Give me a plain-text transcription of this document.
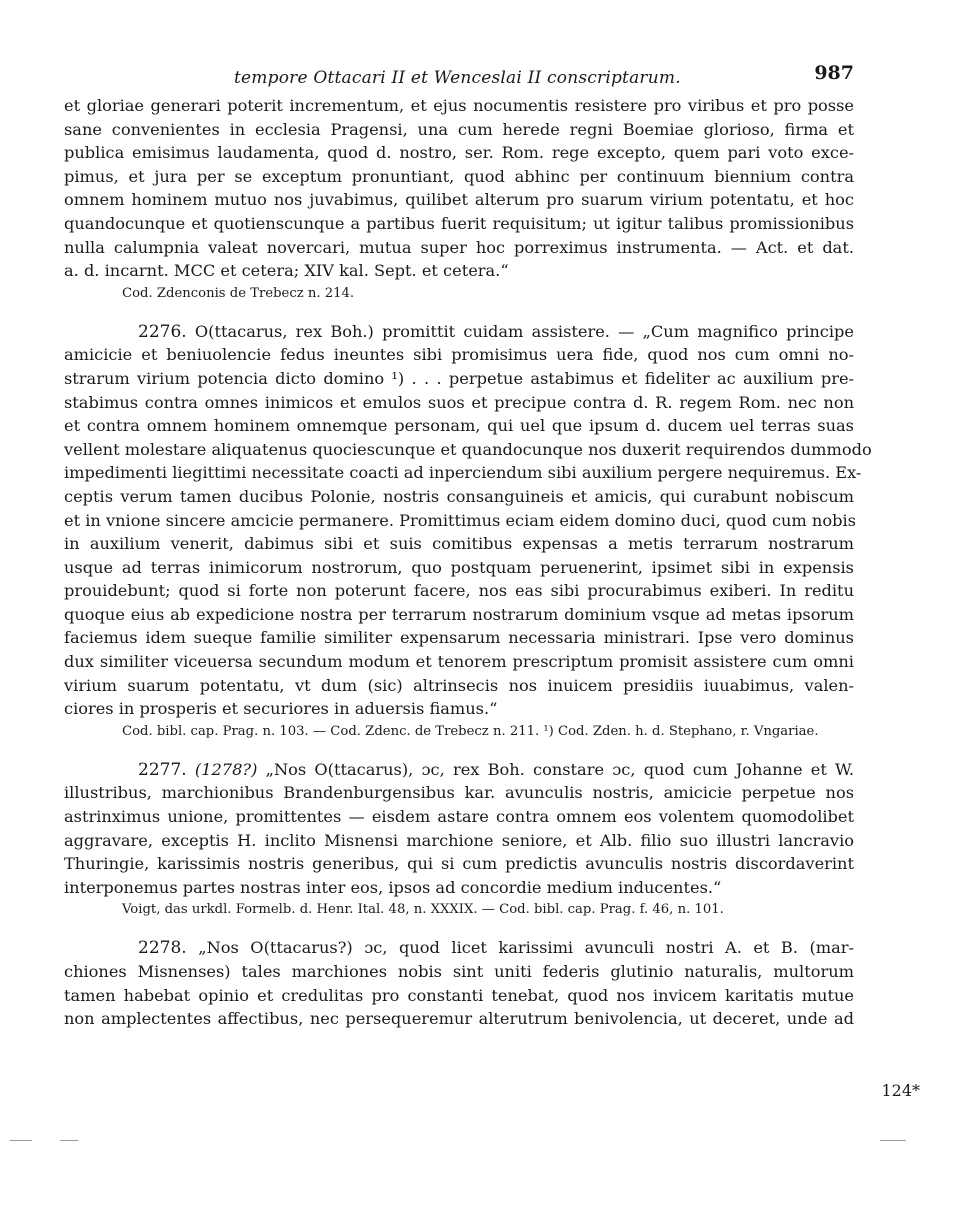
tempore Ottacari II et Wenceslai II conscriptarum.	987
et gloriae generari poterit incrementum, et ejus nocumentis resistere pro viribus et pro posse
sane convenientes in ecclesia Pragensi, una cum herede regni Boemiae glorioso, firma et
publica emisimus laudamenta, quod d. nostro, ser. Rom. rege excepto, quem pari voto exce-
pimus, et jura per se exceptum pronuntiant, quod abhinc per continuum biennium contra
omnem hominem mutuo nos juvabimus, quilibet alterum pro suarum virium potentatu, et hoc
quandocunque et quotienscunque a partibus fuerit requisitum; ut igitur talibus promissionibus
nulla calumpnia valeat novercari, mutua super hoc porreximus instrumenta. — Act. et dat.
a. d. incarnt. MCC et cetera; XIV kal. Sept. et cetera.“
Cod. Zdenconis de Trebecz n. 214.
2276. O(ttacarus, rex Boh.) promittit cuidam assistere. — „Cum magnifico principe
amicicie et beniuolencie fedus ineuntes sibi promisimus uera fide, quod nos cum omni no-
strarum virium potencia dicto domino ¹) . . . perpetue astabimus et fideliter ac auxilium pre-
stabimus contra omnes inimicos et emulos suos et precipue contra d. R. regem Rom. nec non
et contra omnem hominem omnemque personam, qui uel que ipsum d. ducem uel terras suas
vellent molestare aliquatenus quociescunque et quandocunque nos duxerit requirendos dummodo
impedimenti liegittimi necessitate coacti ad inperciendum sibi auxilium pergere nequiremus. Ex-
ceptis verum tamen ducibus Polonie, nostris consanguineis et amicis, qui curabunt nobiscum
et in vnione sincere amcicie permanere. Promittimus eciam eidem domino duci, quod cum nobis
in auxilium venerit, dabimus sibi et suis comitibus expensas a metis terrarum nostrarum
usque ad terras inimicorum nostrorum, quo postquam peruenerint, ipsimet sibi in expensis
prouidebunt; quod si forte non poterunt facere, nos eas sibi procurabimus exiberi. In reditu
quoque eius ab expedicione nostra per terrarum nostrarum dominium vsque ad metas ipsorum
faciemus idem sueque familie similiter expensarum necessaria ministrari. Ipse vero dominus
dux similiter viceuersa secundum modum et tenorem prescriptum promisit assistere cum omni
virium suarum potentatu, vt dum (sic) altrinsecis nos inuicem presidiis iuuabimus, valen-
ciores in prosperis et securiores in aduersis fiamus.“
Cod. bibl. cap. Prag. n. 103. — Cod. Zdenc. de Trebecz n. 211. ¹) Cod. Zden. h. d. Stephano, r. Vngariae.
2277. (1278?) „Nos O(ttacarus), ɔc, rex Boh. constare ɔc, quod cum Johanne et W.
illustribus, marchionibus Brandenburgensibus kar. avunculis nostris, amicicie perpetue nos
astrinximus unione, promittentes — eisdem astare contra omnem eos volentem quomodolibet
aggravare, exceptis H. inclito Misnensi marchione seniore, et Alb. filio suo illustri lancravio
Thuringie, karissimis nostris generibus, qui si cum predictis avunculis nostris discordaverint
interponemus partes nostras inter eos, ipsos ad concordie medium inducentes.“
Voigt, das urkdl. Formelb. d. Henr. Ital. 48, n. XXXIX. — Cod. bibl. cap. Prag. f. 46, n. 101.
2278. „Nos O(ttacarus?) ɔc, quod licet karissimi avunculi nostri A. et B. (mar-
chiones Misnenses) tales marchiones nobis sint uniti federis glutinio naturalis, multorum
tamen habebat opinio et credulitas pro constanti tenebat, quod nos invicem karitatis mutue
non amplectentes affectibus, nec persequeremur alterutrum benivolencia, ut deceret, unde ad
124*
